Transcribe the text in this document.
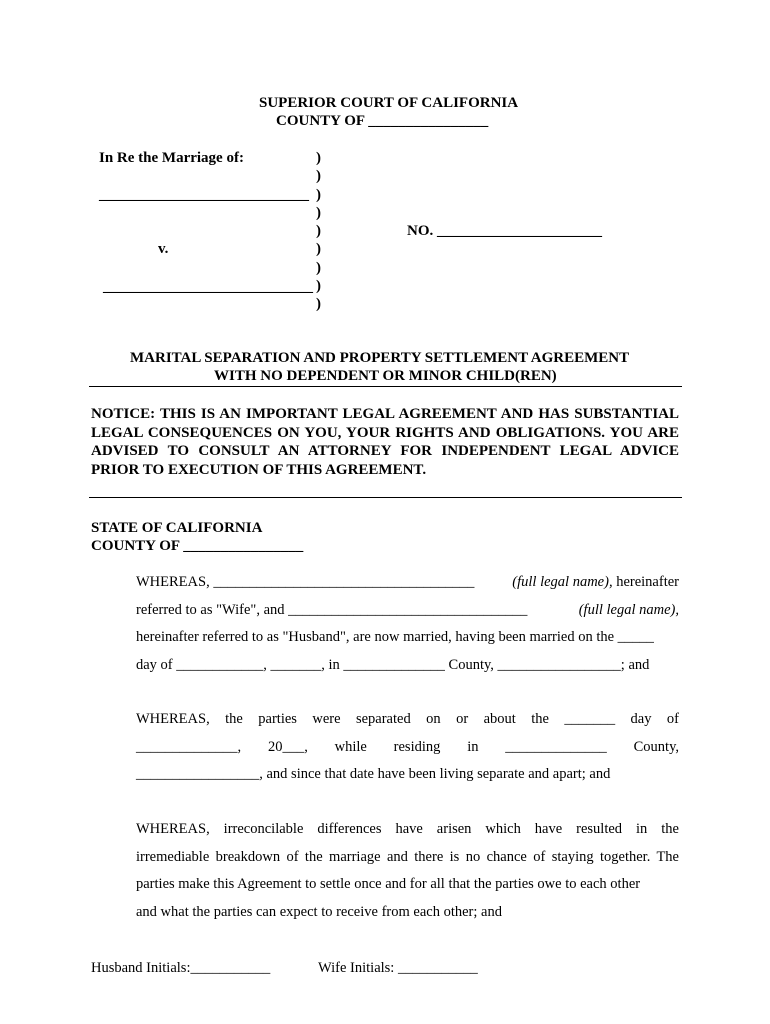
SUPERIOR COURT OF CALIFORNIA
COUNTY OF ________________
In Re the Marriage of:
____________________________
v.
____________________________
)
)
)
)
)
)
)
)
)
NO. ______________________
MARITAL SEPARATION AND PROPERTY SETTLEMENT AGREEMENT
WITH NO DEPENDENT OR MINOR CHILD(REN)
NOTICE: THIS IS AN IMPORTANT LEGAL AGREEMENT AND HAS SUBSTANTIAL LEGAL CONSEQUENCES ON YOU, YOUR RIGHTS AND OBLIGATIONS. YOU ARE ADVISED TO CONSULT AN ATTORNEY FOR INDEPENDENT LEGAL ADVICE PRIOR TO EXECUTION OF THIS AGREEMENT.
STATE OF CALIFORNIA
COUNTY OF ________________
WHEREAS, ____________________________________	(full legal name), hereinafter
referred to as "Wife", and _________________________________	(full legal name),
hereinafter referred to as "Husband", are now married, having been married on the _____
day of ____________, _______, in ______________ County, _________________; and
WHEREAS, the parties were separated on or about the _______ day of
______________, 20___, while residing in ______________ County,
_________________, and since that date have been living separate and apart; and
WHEREAS, irreconcilable differences have arisen which have resulted in the
irremediable breakdown of the marriage and there is no chance of staying together. The
parties make this Agreement to settle once and for all that the parties owe to each other
and what the parties can expect to receive from each other; and
Husband Initials:___________	Wife Initials: ___________
